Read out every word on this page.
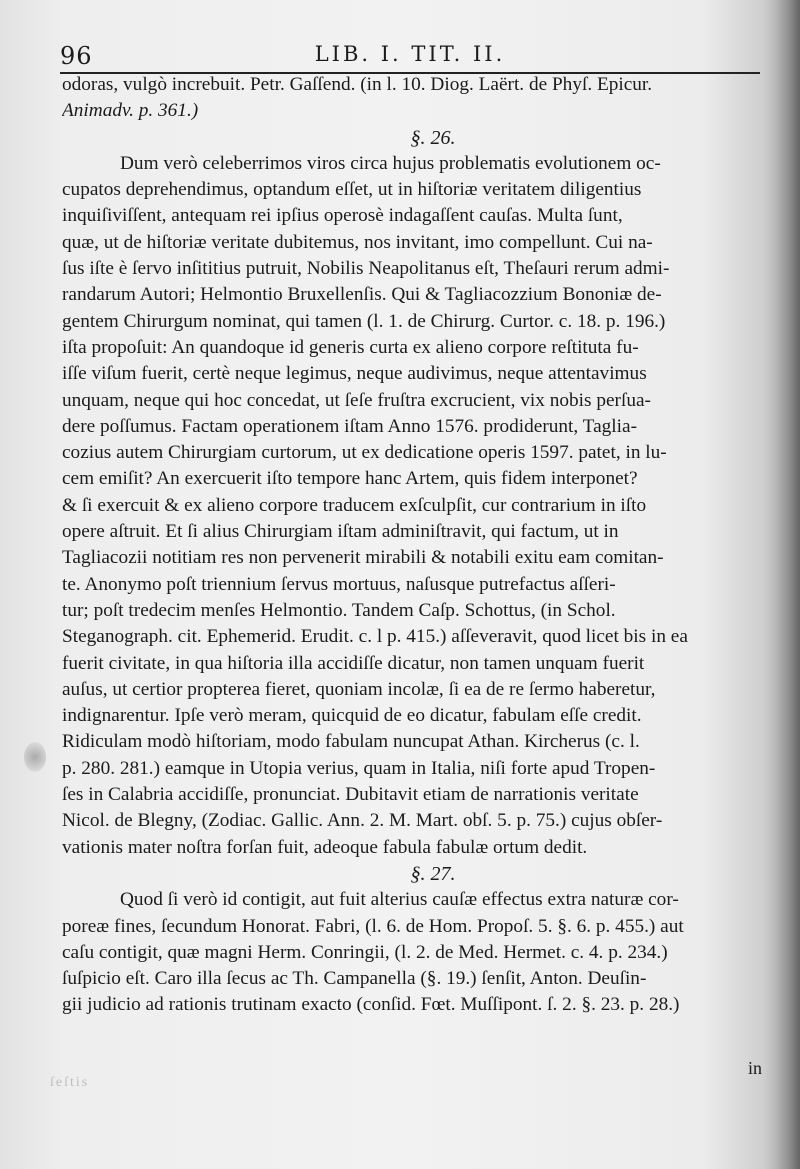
96	LIB. I. TIT. II.
odoras, vulgò increbuit. Petr. Gaſſend. (in l. 10. Diog. Laërt. de Phyſ. Epicur.
Animadv. p. 361.)
§. 26.
Dum verò celeberrimos viros circa hujus problematis evolutionem oc-
cupatos deprehendimus, optandum eſſet, ut in hiſtoriæ veritatem diligentius
inquiſiviſſent, antequam rei ipſius operosè indagaſſent cauſas. Multa ſunt,
quæ, ut de hiſtoriæ veritate dubitemus, nos invitant, imo compellunt. Cui na-
ſus iſte è ſervo inſititius putruit, Nobilis Neapolitanus eſt, Theſauri rerum admi-
randarum Autori; Helmontio Bruxellenſis. Qui & Tagliacozzium Bononiæ de-
gentem Chirurgum nominat, qui tamen (l. 1. de Chirurg. Curtor. c. 18. p. 196.)
iſta propoſuit: An quandoque id generis curta ex alieno corpore reſtituta fu-
iſſe viſum fuerit, certè neque legimus, neque audivimus, neque attentavimus
unquam, neque qui hoc concedat, ut ſeſe fruſtra excrucient, vix nobis perſua-
dere poſſumus. Factam operationem iſtam Anno 1576. prodiderunt, Taglia-
cozius autem Chirurgiam curtorum, ut ex dedicatione operis 1597. patet, in lu-
cem emiſit? An exercuerit iſto tempore hanc Artem, quis fidem interponet?
& ſi exercuit & ex alieno corpore traducem exſculpſit, cur contrarium in iſto
opere aſtruit. Et ſi alius Chirurgiam iſtam adminiſtravit, qui factum, ut in
Tagliacozii notitiam res non pervenerit mirabili & notabili exitu eam comitan-
te. Anonymo poſt triennium ſervus mortuus, naſusque putrefactus aſſeri-
tur; poſt tredecim menſes Helmontio. Tandem Caſp. Schottus, (in Schol.
Steganograph. cit. Ephemerid. Erudit. c. l p. 415.) aſſeveravit, quod licet bis in ea
fuerit civitate, in qua hiſtoria illa accidiſſe dicatur, non tamen unquam fuerit
auſus, ut certior propterea fieret, quoniam incolæ, ſi ea de re ſermo haberetur,
indignarentur. Ipſe verò meram, quicquid de eo dicatur, fabulam eſſe credit.
Ridiculam modò hiſtoriam, modo fabulam nuncupat Athan. Kircherus (c. l.
p. 280. 281.) eamque in Utopia verius, quam in Italia, niſi forte apud Tropen-
ſes in Calabria accidiſſe, pronunciat. Dubitavit etiam de narrationis veritate
Nicol. de Blegny, (Zodiac. Gallic. Ann. 2. M. Mart. obſ. 5. p. 75.) cujus obſer-
vationis mater noſtra forſan fuit, adeoque fabula fabulæ ortum dedit.
§. 27.
Quod ſi verò id contigit, aut fuit alterius cauſæ effectus extra naturæ cor-
poreæ fines, ſecundum Honorat. Fabri, (l. 6. de Hom. Propoſ. 5. §. 6. p. 455.) aut
caſu contigit, quæ magni Herm. Conringii, (l. 2. de Med. Hermet. c. 4. p. 234.)
ſuſpicio eſt. Caro illa ſecus ac Th. Campanella (§. 19.) ſenſit, Anton. Deuſin-
gii judicio ad rationis trutinam exacto (conſid. Fœt. Muſſipont. ſ. 2. §. 23. p. 28.)
in
ſeſtis
